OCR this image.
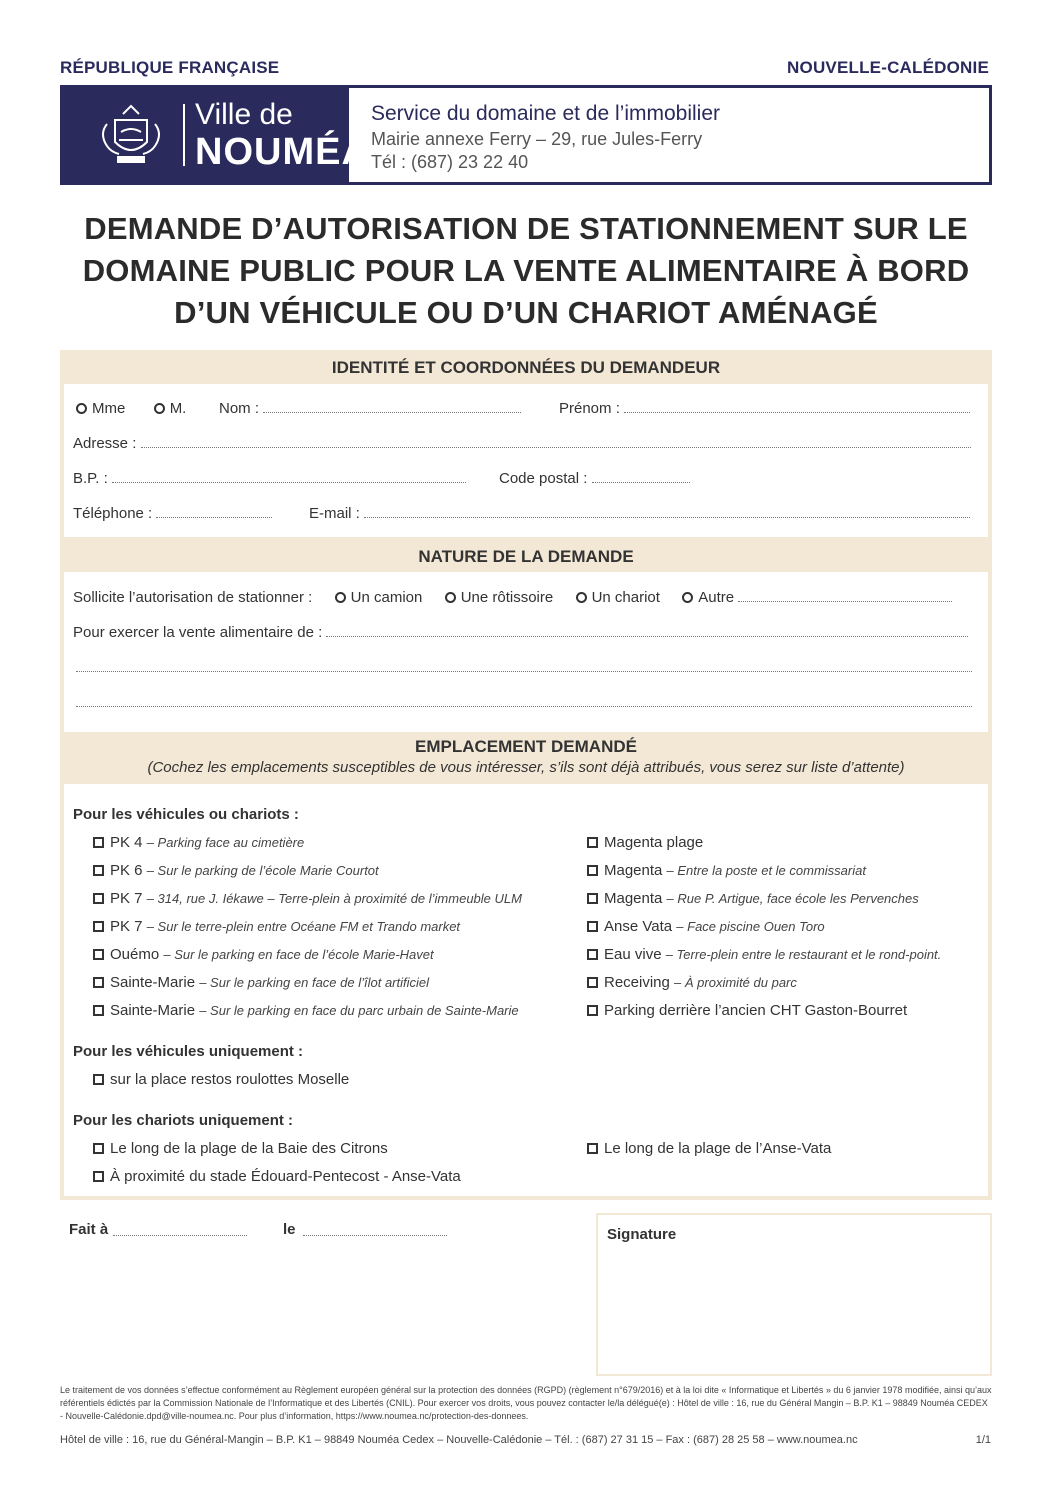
RÉPUBLIQUE FRANÇAISE	NOUVELLE-CALÉDONIE
Ville de
NOUMÉA
Service du domaine et de l’immobilier
Mairie annexe Ferry – 29, rue Jules-Ferry
Tél : (687) 23 22 40
DEMANDE D’AUTORISATION DE STATIONNEMENT SUR LE
DOMAINE PUBLIC POUR LA VENTE ALIMENTAIRE À BORD
D’UN VÉHICULE OU D’UN CHARIOT AMÉNAGÉ
IDENTITÉ ET COORDONNÉES DU DEMANDEUR
Mme	M. Nom :	Prénom :
Adresse :
B.P. :	Code postal :
Téléphone :	E-mail :
NATURE DE LA DEMANDE
Sollicite l’autorisation de stationner :	Un camion	Une rôtissoire	Un chariot	Autre
Pour exercer la vente alimentaire de :
EMPLACEMENT DEMANDÉ
(Cochez les emplacements susceptibles de vous intéresser, s’ils sont déjà attribués, vous serez sur liste d’attente)
Pour les véhicules ou chariots :
PK 4 – Parking face au cimetière
PK 6 – Sur le parking de l’école Marie Courtot
PK 7 – 314, rue J. Iékawe – Terre-plein à proximité de l’immeuble ULM
PK 7 – Sur le terre-plein entre Océane FM et Trando market
Ouémo – Sur le parking en face de l’école Marie-Havet
Sainte-Marie – Sur le parking en face de l’îlot artificiel
Sainte-Marie – Sur le parking en face du parc urbain de Sainte-Marie
Magenta plage
Magenta – Entre la poste et le commissariat
Magenta – Rue P. Artigue, face école les Pervenches
Anse Vata – Face piscine Ouen Toro
Eau vive – Terre-plein entre le restaurant et le rond-point.
Receiving – À proximité du parc
Parking derrière l’ancien CHT Gaston-Bourret
Pour les véhicules uniquement :
sur la place restos roulottes Moselle
Pour les chariots uniquement :
Le long de la plage de la Baie des Citrons
À proximité du stade Édouard-Pentecost - Anse-Vata
Le long de la plage de l’Anse-Vata
Fait à	le	Signature
Le traitement de vos données s’effectue conformément au Règlement européen général sur la protection des données (RGPD) (règlement n°679/2016) et à la loi dite « Informatique et Libertés » du 6 janvier 1978 modifiée, ainsi qu’aux référentiels édictés par la Commission Nationale de l’Informatique et des Libertés (CNIL). Pour exercer vos droits, vous pouvez contacter le/la délégué(e) : Hôtel de ville : 16, rue du Général Mangin – B.P. K1 – 98849 Nouméa CEDEX - Nouvelle-Calédonie.dpd@ville-noumea.nc. Pour plus d’information, https://www.noumea.nc/protection-des-donnees.
Hôtel de ville : 16, rue du Général-Mangin – B.P. K1 – 98849 Nouméa Cedex – Nouvelle-Calédonie – Tél. : (687) 27 31 15 – Fax : (687) 28 25 58 – www.noumea.nc	1/1
